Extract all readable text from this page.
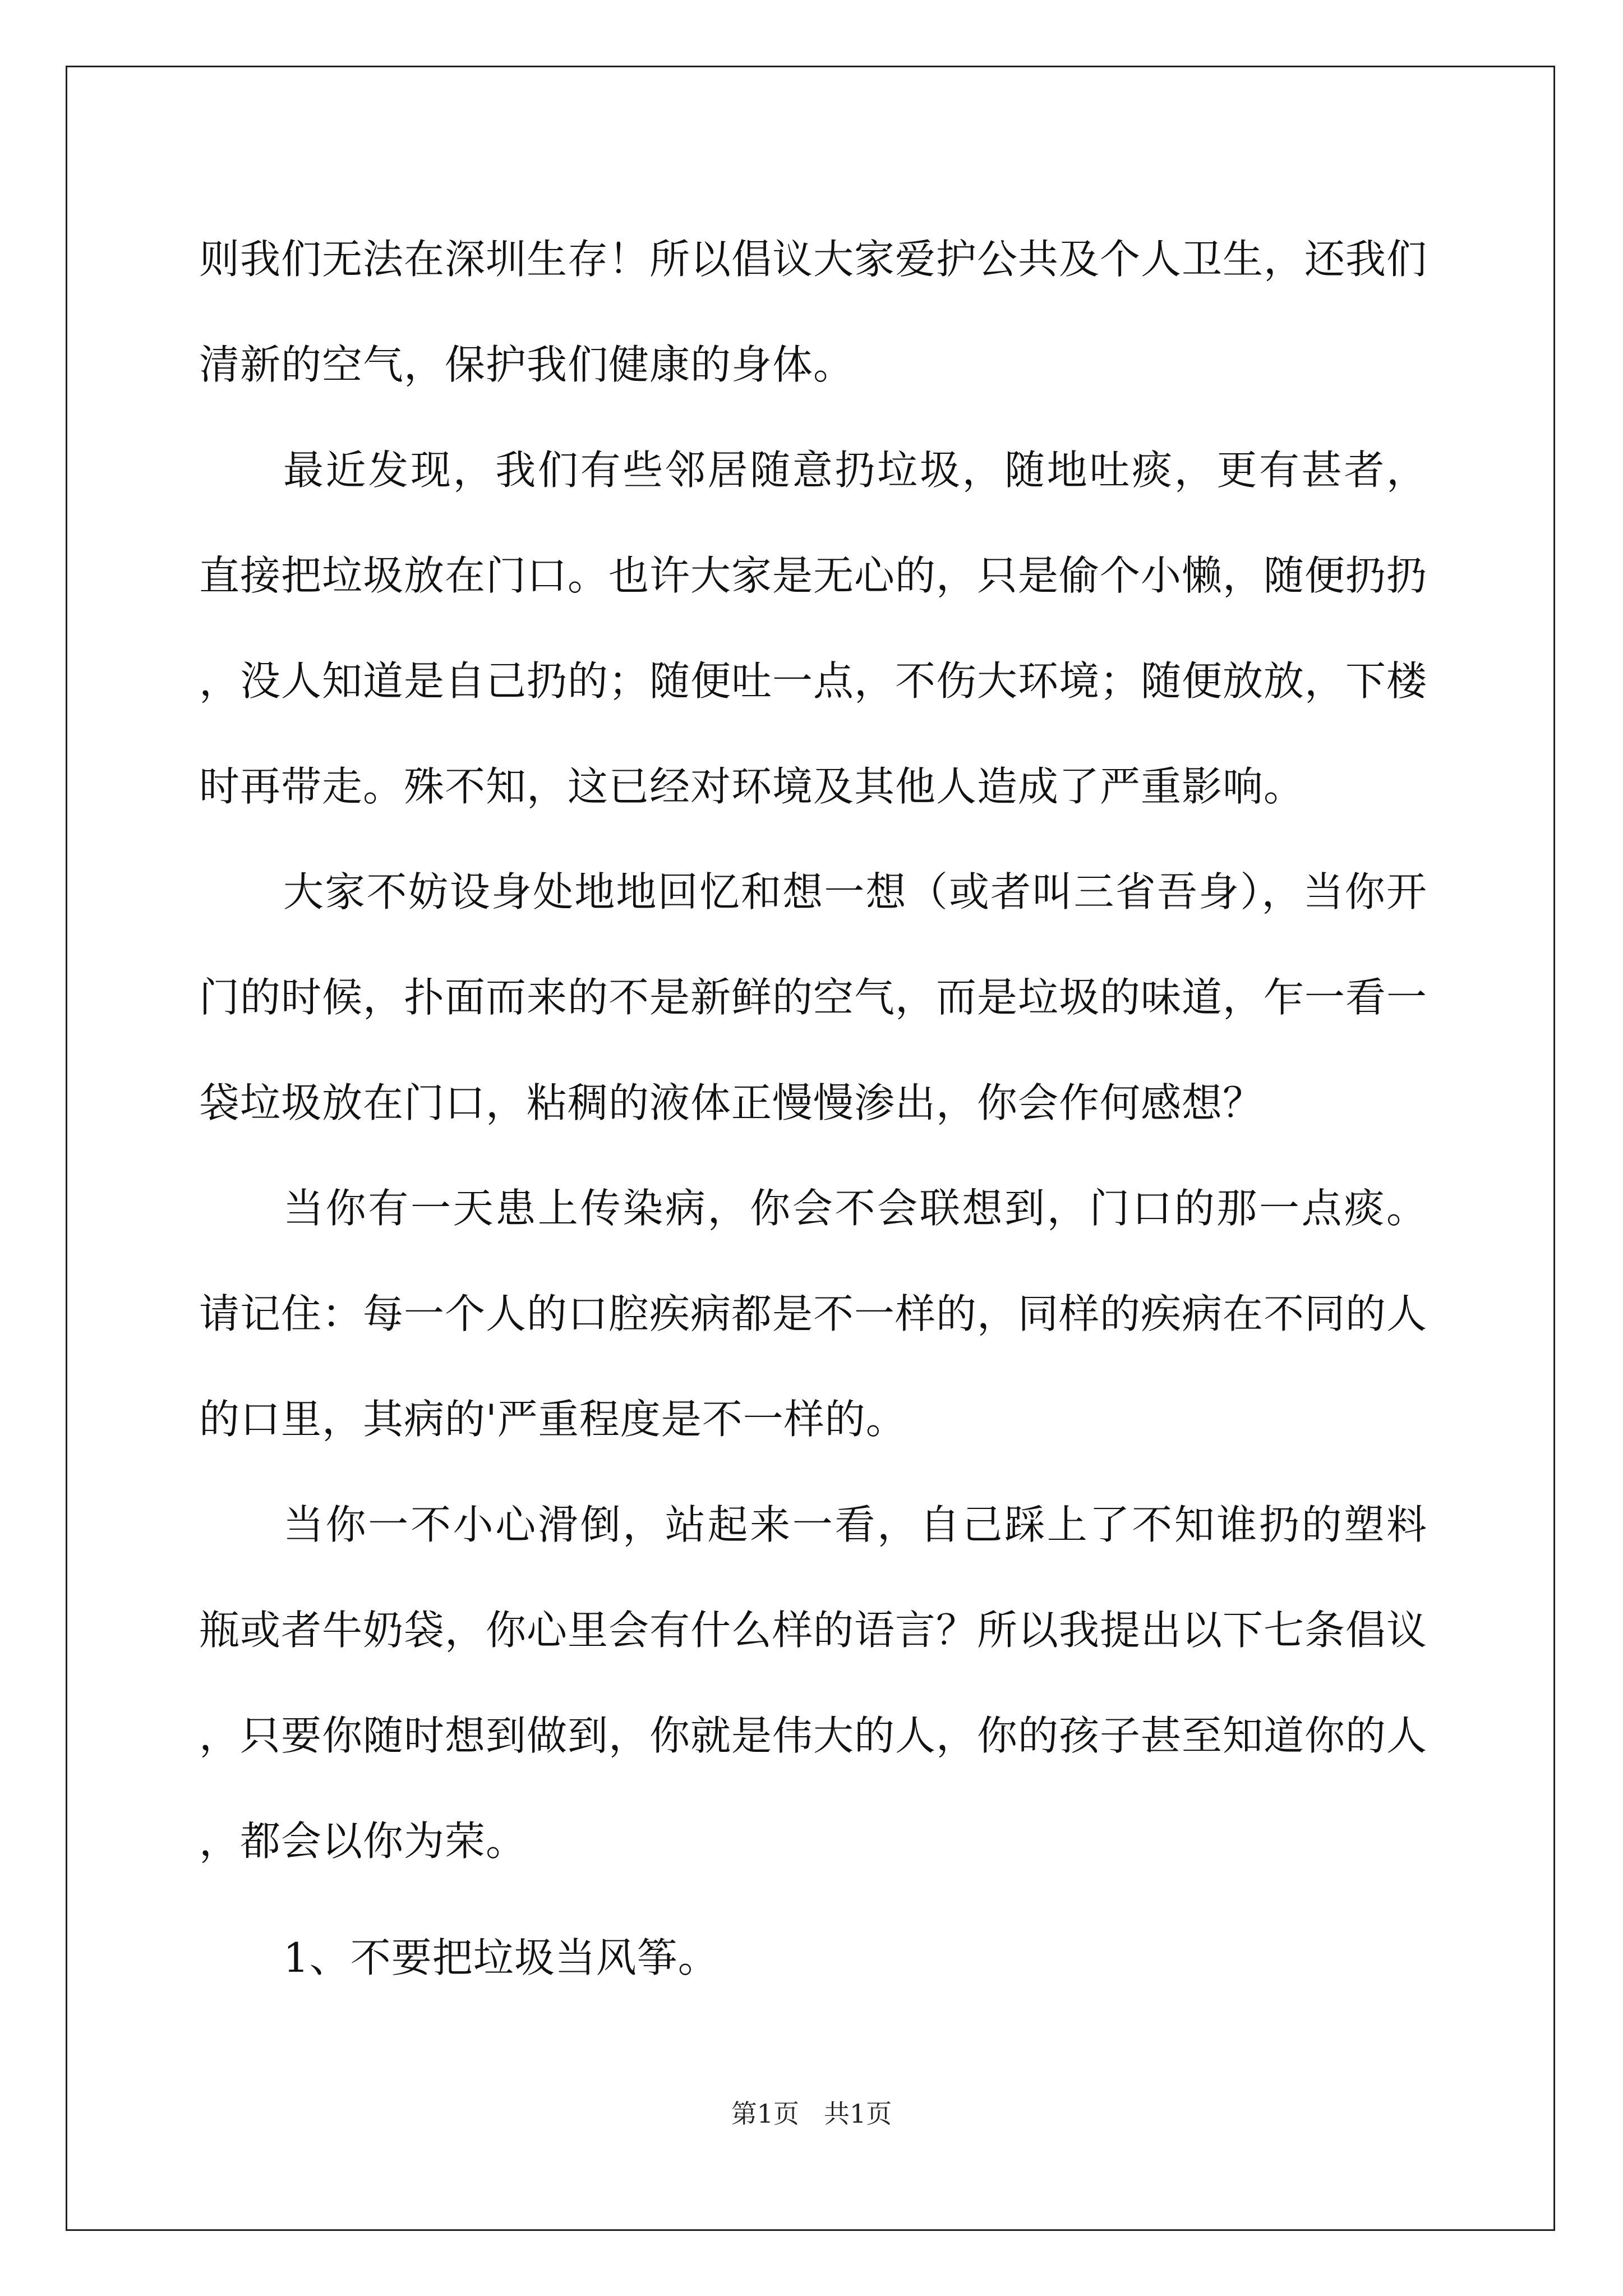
则我们无法在深圳生存！所以倡议大家爱护公共及个人卫生，还我们清新的空气，保护我们健康的身体。

最近发现，我们有些邻居随意扔垃圾，随地吐痰，更有甚者，直接把垃圾放在门口。也许大家是无心的，只是偷个小懒，随便扔扔，没人知道是自己扔的；随便吐一点，不伤大环境；随便放放，下楼时再带走。殊不知，这已经对环境及其他人造成了严重影响。

大家不妨设身处地地回忆和想一想（或者叫三省吾身），当你开门的时候，扑面而来的不是新鲜的空气，而是垃圾的味道，乍一看一袋垃圾放在门口，粘稠的液体正慢慢渗出，你会作何感想？

当你有一天患上传染病，你会不会联想到，门口的那一点痰。请记住：每一个人的口腔疾病都是不一样的，同样的疾病在不同的人的口里，其病的'严重程度是不一样的。

当你一不小心滑倒，站起来一看，自己踩上了不知谁扔的塑料瓶或者牛奶袋，你心里会有什么样的语言？所以我提出以下七条倡议，只要你随时想到做到，你就是伟大的人，你的孩子甚至知道你的人，都会以你为荣。

1、不要把垃圾当风筝。

第1页 共1页
